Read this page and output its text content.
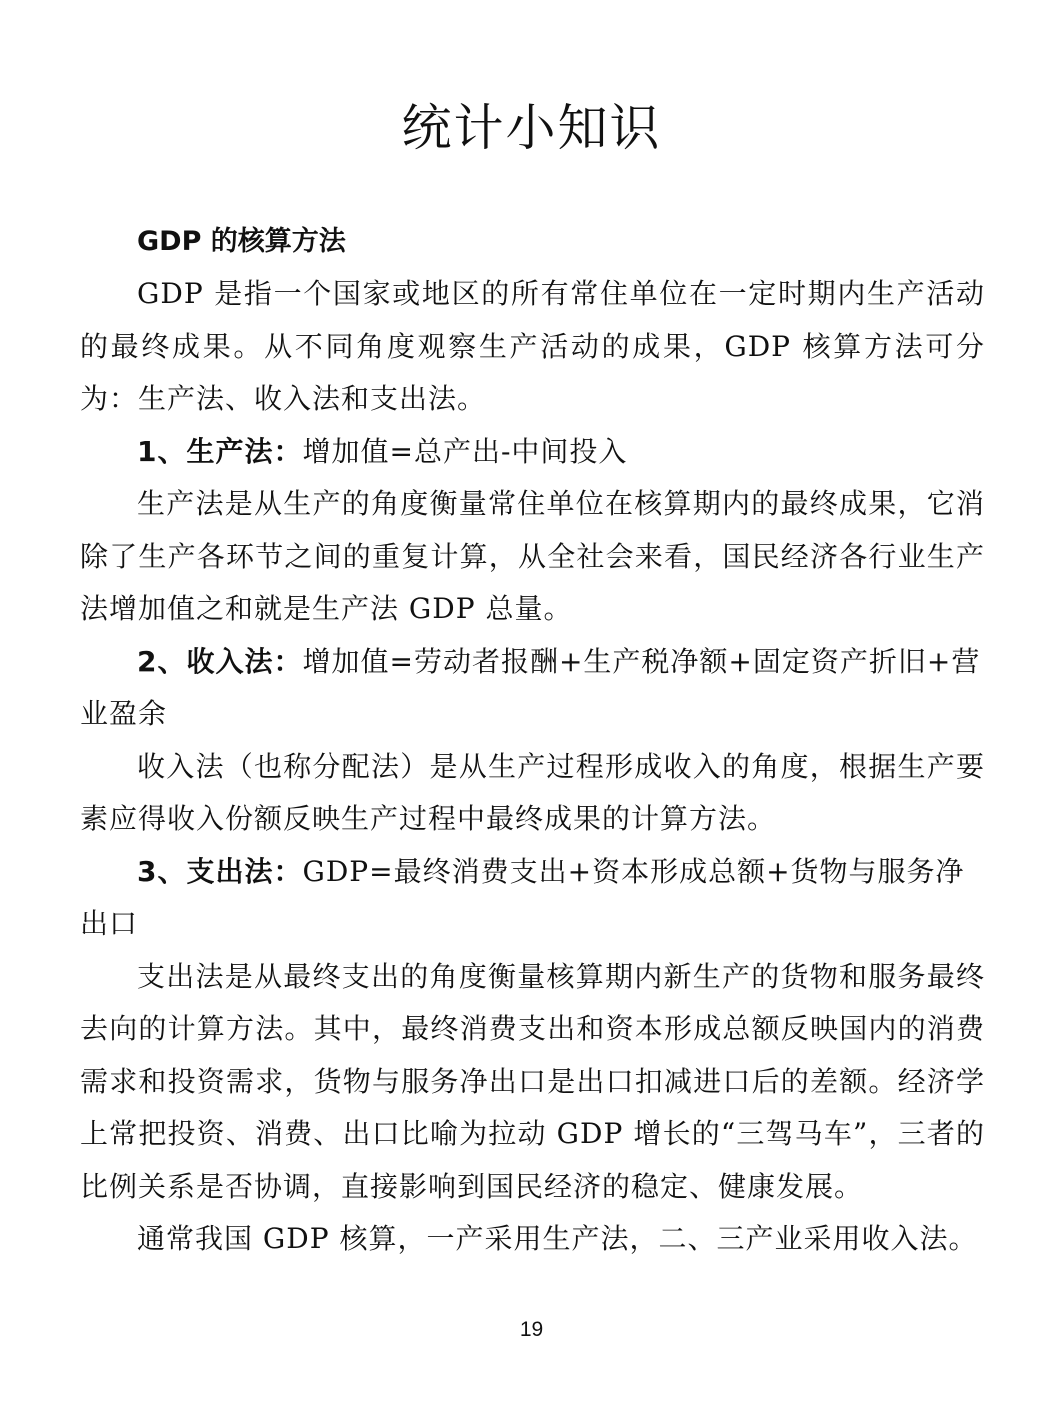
统计小知识

GDP 的核算方法

GDP 是指一个国家或地区的所有常住单位在一定时期内生产活动的最终成果。从不同角度观察生产活动的成果，GDP 核算方法可分为：生产法、收入法和支出法。

1、生产法：增加值=总产出-中间投入

生产法是从生产的角度衡量常住单位在核算期内的最终成果，它消除了生产各环节之间的重复计算，从全社会来看，国民经济各行业生产法增加值之和就是生产法 GDP 总量。

2、收入法：增加值=劳动者报酬+生产税净额+固定资产折旧+营业盈余

收入法（也称分配法）是从生产过程形成收入的角度，根据生产要素应得收入份额反映生产过程中最终成果的计算方法。

3、支出法：GDP=最终消费支出+资本形成总额+货物与服务净出口

支出法是从最终支出的角度衡量核算期内新生产的货物和服务最终去向的计算方法。其中，最终消费支出和资本形成总额反映国内的消费需求和投资需求，货物与服务净出口是出口扣减进口后的差额。经济学上常把投资、消费、出口比喻为拉动 GDP 增长的“三驾马车”，三者的比例关系是否协调，直接影响到国民经济的稳定、健康发展。

通常我国 GDP 核算，一产采用生产法，二、三产业采用收入法。

19
